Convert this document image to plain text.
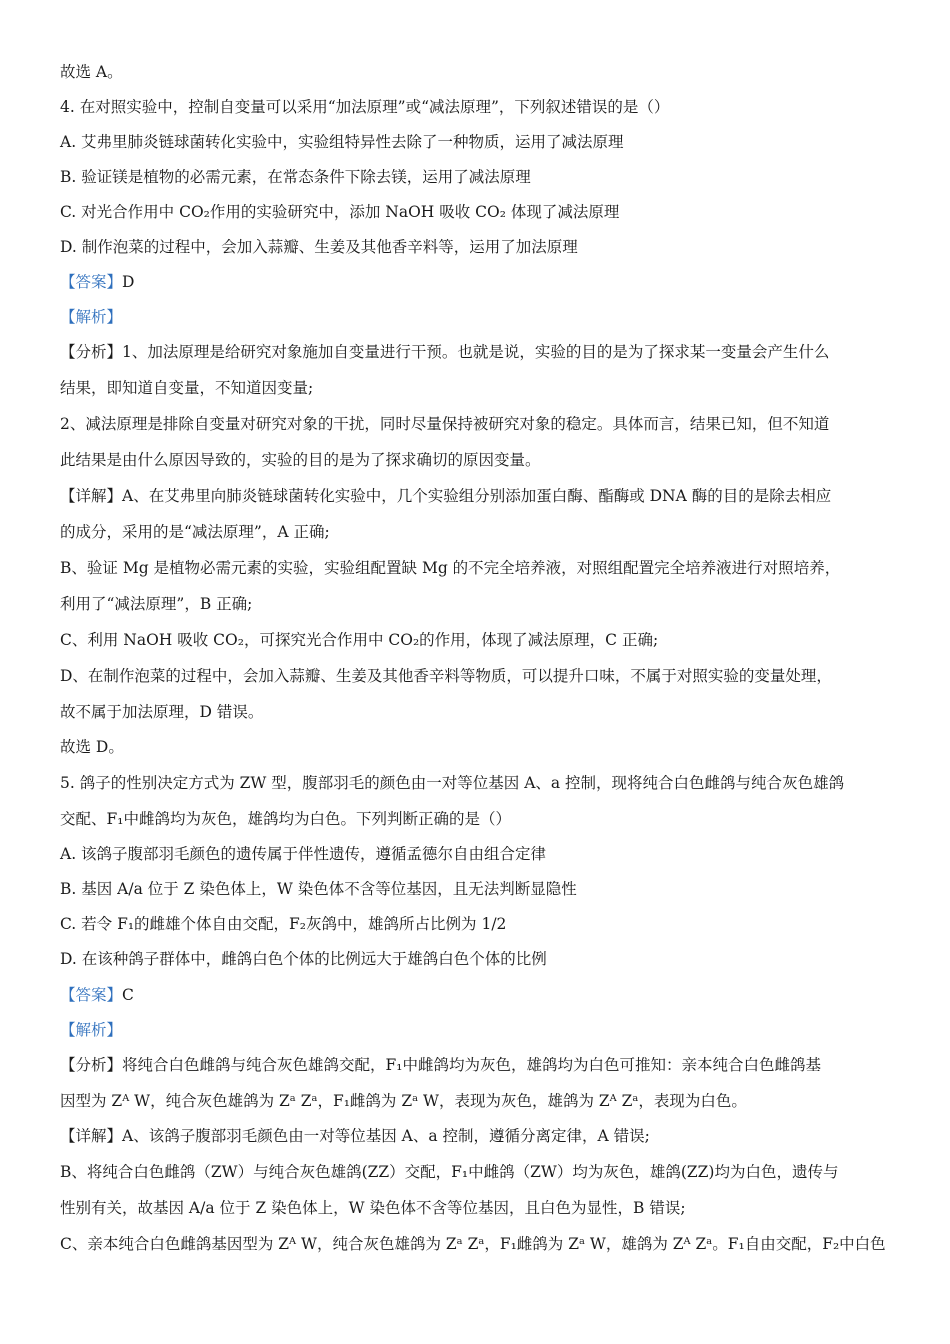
故选 A。

4. 在对照实验中，控制自变量可以采用“加法原理”或“减法原理”，下列叙述错误的是（）

A. 艾弗里肺炎链球菌转化实验中，实验组特异性去除了一种物质，运用了减法原理

B. 验证镁是植物的必需元素，在常态条件下除去镁，运用了减法原理

C. 对光合作用中 CO₂作用的实验研究中，添加 NaOH 吸收 CO₂ 体现了减法原理

D. 制作泡菜的过程中，会加入蒜瓣、生姜及其他香辛料等，运用了加法原理

【答案】D

【解析】

【分析】1、加法原理是给研究对象施加自变量进行干预。也就是说，实验的目的是为了探求某一变量会产生什么

结果，即知道自变量，不知道因变量;

2、减法原理是排除自变量对研究对象的干扰，同时尽量保持被研究对象的稳定。具体而言，结果已知，但不知道

此结果是由什么原因导致的，实验的目的是为了探求确切的原因变量。

【详解】A、在艾弗里向肺炎链球菌转化实验中，几个实验组分别添加蛋白酶、酯酶或 DNA 酶的目的是除去相应

的成分，采用的是“减法原理”，A 正确;

B、验证 Mg 是植物必需元素的实验，实验组配置缺 Mg 的不完全培养液，对照组配置完全培养液进行对照培养，

利用了“减法原理”，B 正确;

C、利用 NaOH 吸收 CO₂，可探究光合作用中 CO₂的作用，体现了减法原理，C 正确;

D、在制作泡菜的过程中，会加入蒜瓣、生姜及其他香辛料等物质，可以提升口味，不属于对照实验的变量处理，

故不属于加法原理，D 错误。

故选 D。

5. 鸽子的性别决定方式为 ZW 型，腹部羽毛的颜色由一对等位基因 A、a 控制，现将纯合白色雌鸽与纯合灰色雄鸽

交配、F₁中雌鸽均为灰色，雄鸽均为白色。下列判断正确的是（）

A. 该鸽子腹部羽毛颜色的遗传属于伴性遗传，遵循孟德尔自由组合定律

B. 基因 A/a 位于 Z 染色体上，W 染色体不含等位基因，且无法判断显隐性

C. 若令 F₁的雌雄个体自由交配，F₂灰鸽中，雄鸽所占比例为 1/2

D. 在该种鸽子群体中，雌鸽白色个体的比例远大于雄鸽白色个体的比例

【答案】C

【解析】

【分析】将纯合白色雌鸽与纯合灰色雄鸽交配，F₁中雌鸽均为灰色，雄鸽均为白色可推知：亲本纯合白色雌鸽基

因型为 Zᴬ W，纯合灰色雄鸽为 Zᵃ Zᵃ，F₁雌鸽为 Zᵃ W，表现为灰色，雄鸽为 Zᴬ Zᵃ，表现为白色。

【详解】A、该鸽子腹部羽毛颜色由一对等位基因 A、a 控制，遵循分离定律，A 错误;

B、将纯合白色雌鸽（ZW）与纯合灰色雄鸽(ZZ）交配，F₁中雌鸽（ZW）均为灰色，雄鸽(ZZ)均为白色，遗传与

性别有关，故基因 A/a 位于 Z 染色体上，W 染色体不含等位基因，且白色为显性，B 错误;

C、亲本纯合白色雌鸽基因型为 Zᴬ W，纯合灰色雄鸽为 Zᵃ Zᵃ，F₁雌鸽为 Zᵃ W，雄鸽为 Zᴬ Zᵃ。F₁自由交配，F₂中白色
